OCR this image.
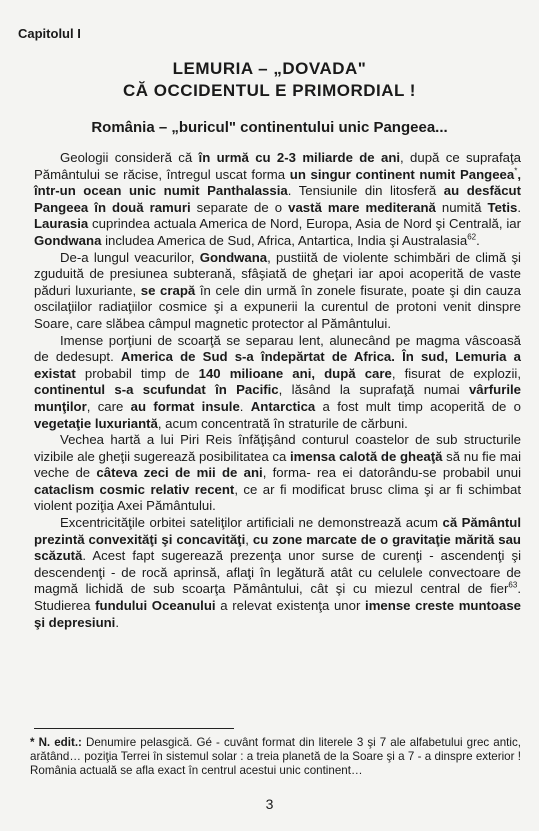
Capitolul I
LEMURIA – „DOVADA"
CĂ OCCIDENTUL E PRIMORDIAL !
România – „buricul" continentului unic Pangeea...

Geologii consideră că în urmă cu 2-3 miliarde de ani, după ce suprafaţa Pământului se răcise, întregul uscat forma un singur continent numit Pangeea*, într-un ocean unic numit Panthalassia. Tensiunile din litosferă au desfăcut Pangeea în două ramuri separate de o vastă mare mediterană numită Tetis. Laurasia cuprindea actuala America de Nord, Europa, Asia de Nord şi Centrală, iar Gondwana includea America de Sud, Africa, Antartica, India şi Australasia$^{62}$.

De-a lungul veacurilor, Gondwana, pustiită de violente schimbări de climă şi zguduită de presiunea subterană, sfâşiată de gheţari iar apoi acoperită de vaste păduri luxuriante, se crapă în cele din urmă în zonele fisurate, poate şi din cauza oscilaţiilor radiaţiilor cosmice şi a expunerii la curentul de protoni venit dinspre Soare, care slăbea câmpul magnetic protector al Pământului.

Imense porţiuni de scoarţă se separau lent, alunecând pe magma vâscoasă de dedesupt. America de Sud s-a îndepărtat de Africa. În sud, Lemuria a existat probabil timp de 140 milioane ani, după care, fisurat de explozii, continentul s-a scufundat în Pacific, lăsând la suprafaţă numai vârfurile munţilor, care au format insule. Antarctica a fost mult timp acoperită de o vegetaţie luxuriantă, acum concentrată în straturile de cărbuni.

Vechea hartă a lui Piri Reis înfăţişând conturul coastelor de sub structurile vizibile ale gheţii sugerează posibilitatea ca imensa calotă de gheaţă să nu fie mai veche de câteva zeci de mii de ani, forma- rea ei datorându-se probabil unui cataclism cosmic relativ recent, ce ar fi modificat brusc clima şi ar fi schimbat violent poziţia Axei Pământului.

Excentricităţile orbitei sateliţilor artificiali ne demonstrează acum că Pământul prezintă convexităţi şi concavităţi, cu zone marcate de o gravitaţie mărită sau scăzută. Acest fapt sugerează prezenţa unor surse de curenţi - ascendenţi şi descendenţi - de rocă aprinsă, aflaţi în legătură atât cu celulele convectoare de magmă lichidă de sub scoarţa Pământului, cât şi cu miezul central de fier$^{63}$. Studierea fundului Oceanului a relevat existenţa unor imense creste muntoase şi depresiuni.

* N. edit.: Denumire pelasgică. Gé - cuvânt format din literele 3 şi 7 ale alfabetului grec antic, arătând… poziţia Terrei în sistemul solar : a treia planetă de la Soare şi a 7 - a dinspre exterior ! România actuală se afla exact în centrul acestui unic continent…
3
